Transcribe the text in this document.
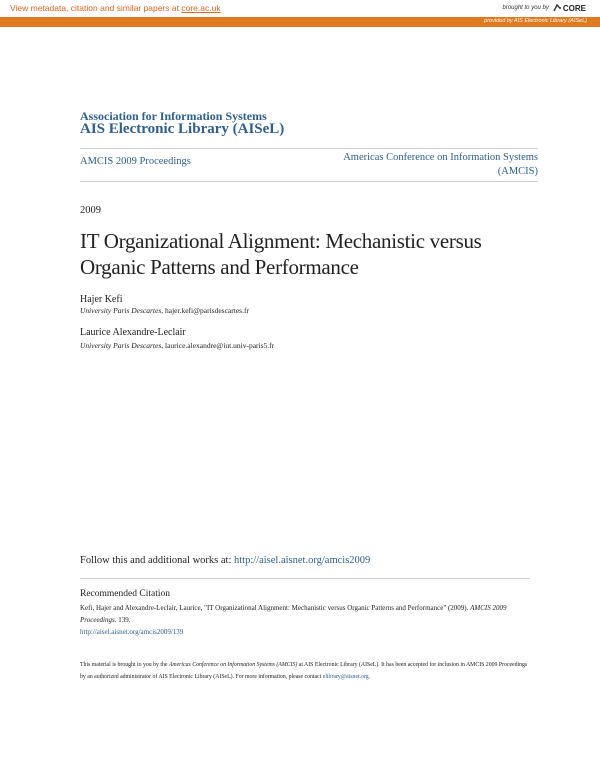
View metadata, citation and similar papers at core.ac.uk	brought to you by CORE
provided by AIS Electronic Library (AISeL)
Association for Information Systems
AIS Electronic Library (AISeL)
AMCIS 2009 Proceedings	Americas Conference on Information Systems (AMCIS)
2009
IT Organizational Alignment: Mechanistic versus Organic Patterns and Performance
Hajer Kefi
University Paris Descartes, hajer.kefi@parisdescartes.fr
Laurice Alexandre-Leclair
University Paris Descartes, laurice.alexandre@iut.univ-paris5.fr
Follow this and additional works at: http://aisel.aisnet.org/amcis2009
Recommended Citation
Kefi, Hajer and Alexandre-Leclair, Laurice, "IT Organizational Alignment: Mechanistic versus Organic Patterns and Performance" (2009). AMCIS 2009 Proceedings. 139.
http://aisel.aisnet.org/amcis2009/139
This material is brought to you by the Americas Conference on Information Systems (AMCIS) at AIS Electronic Library (AISeL). It has been accepted for inclusion in AMCIS 2009 Proceedings by an authorized administrator of AIS Electronic Library (AISeL). For more information, please contact elibrary@aisnet.org.
